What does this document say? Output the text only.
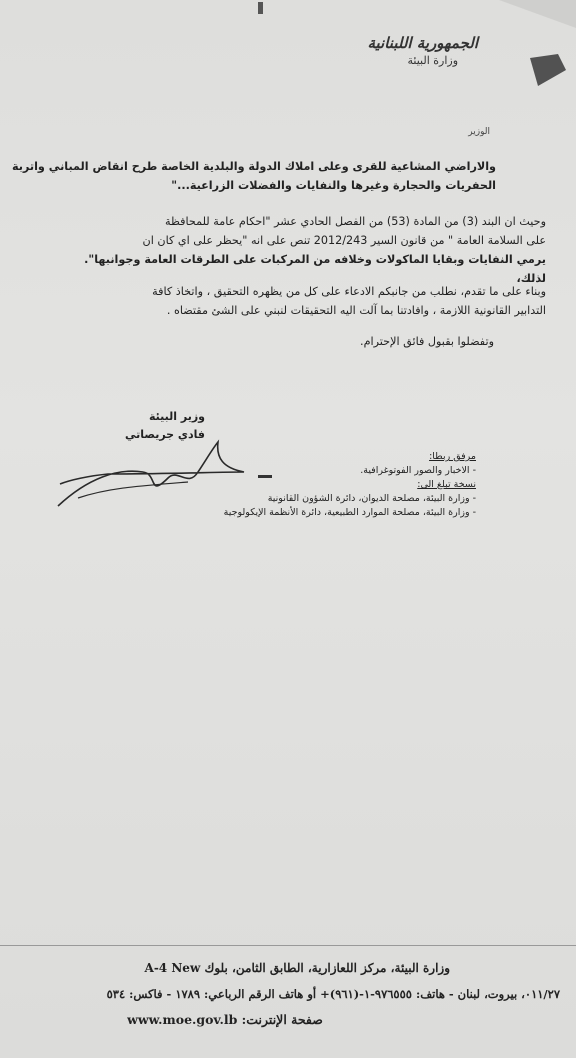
الجمهورية اللبنانية
وزارة البيئة
الوزير
والاراضي المشاعية للقرى وعلى املاك الدولة والبلدية الخاصة طرح انقاض المباني واتربة
الحفريات والحجارة وغيرها والنفايات والفضلات الزراعية..."
وحيث ان البند (3) من المادة (53) من الفصل الحادي عشر "احكام عامة للمحافظة
على السلامة العامة " من قانون السير 2012/243 تنص على انه "يحظر على اي كان ان
يرمي النفايات وبقايا الماكولات وخلافه من المركبات على الطرقات العامة وجوانبها".
لذلك،
وبناء على ما تقدم، نطلب من جانبكم الادعاء على كل من يظهره التحقيق ، واتخاذ كافة
التدابير القانونية اللازمة ، وافادتنا بما آلت اليه التحقيقات لنبني على الشئ مقتضاه .
وتفضلوا بقبول فائق الإحترام.
وزير البيئة
فادي جريصاتي
مرفق ربطا:
- الاخبار والصور الفوتوغرافية.
نسخة تبلغ الى:
- وزارة البيئة، مصلحة الديوان، دائرة الشؤون القانونية
- وزارة البيئة، مصلحة الموارد الطبيعية، دائرة الأنظمة الإيكولوجية
وزارة البيئة، مركز اللعازارية، الطابق الثامن، بلوك A-4 New
٠١١/٢٧، بيروت، لبنان - هاتف: ٩٧٦٥٥٥-١-(٩٦١)+ أو هاتف الرقم الرباعي: ١٧٨٩ - فاكس: ٥٣٤
صفحة الإنترنت: www.moe.gov.lb
